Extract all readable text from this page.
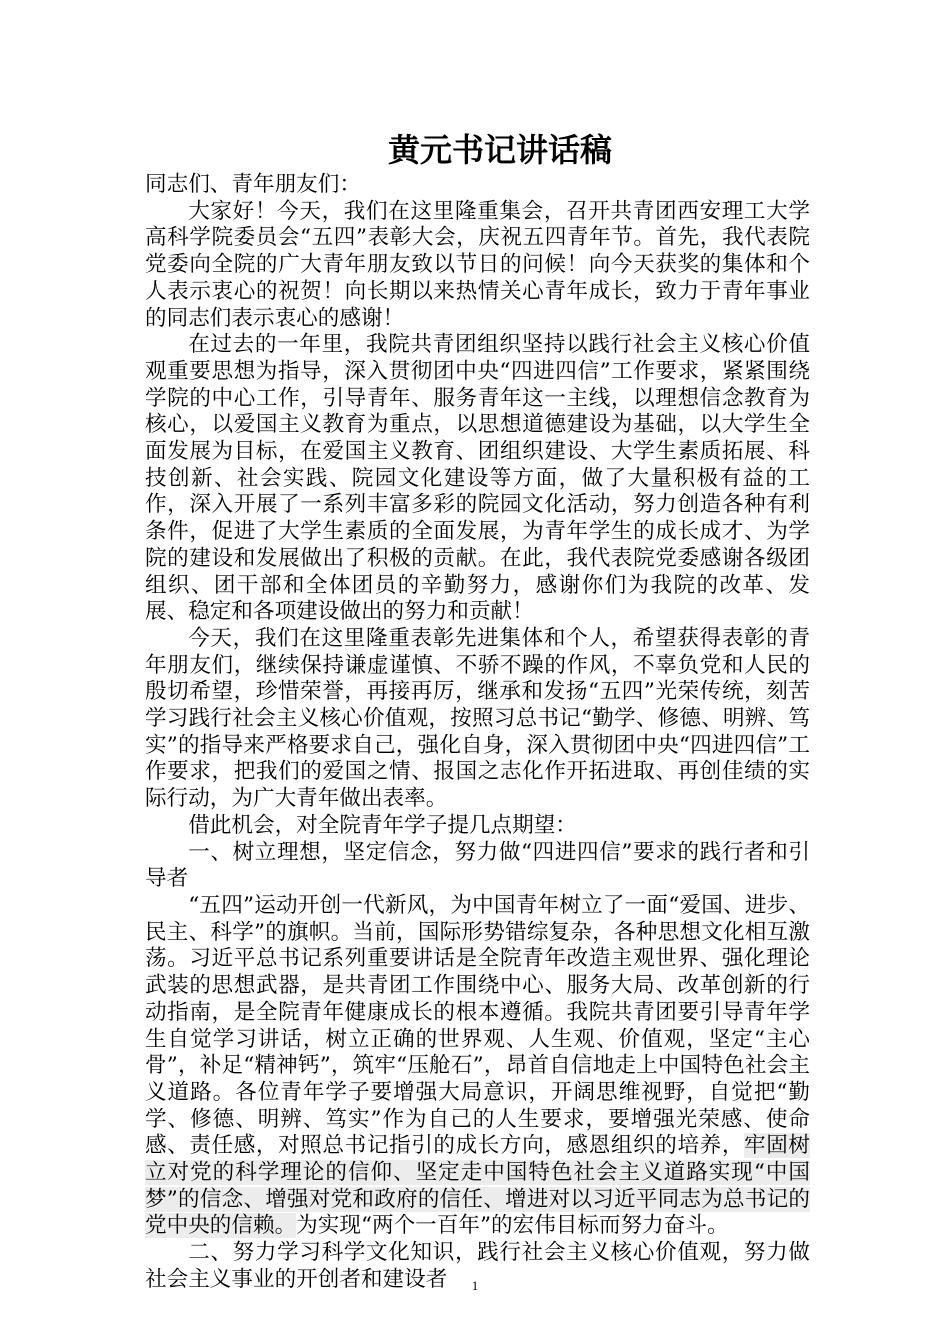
黄元书记讲话稿

同志们、青年朋友们：

大家好！今天，我们在这里隆重集会，召开共青团西安理工大学高科学院委员会“五四”表彰大会，庆祝五四青年节。首先，我代表院党委向全院的广大青年朋友致以节日的问候！向今天获奖的集体和个人表示衷心的祝贺！向长期以来热情关心青年成长，致力于青年事业的同志们表示衷心的感谢！

在过去的一年里，我院共青团组织坚持以践行社会主义核心价值观重要思想为指导，深入贯彻团中央“四进四信”工作要求，紧紧围绕学院的中心工作，引导青年、服务青年这一主线，以理想信念教育为核心，以爱国主义教育为重点，以思想道德建设为基础，以大学生全面发展为目标，在爱国主义教育、团组织建设、大学生素质拓展、科技创新、社会实践、院园文化建设等方面，做了大量积极有益的工作，深入开展了一系列丰富多彩的院园文化活动，努力创造各种有利条件，促进了大学生素质的全面发展，为青年学生的成长成才、为学院的建设和发展做出了积极的贡献。在此，我代表院党委感谢各级团组织、团干部和全体团员的辛勤努力，感谢你们为我院的改革、发展、稳定和各项建设做出的努力和贡献！

今天，我们在这里隆重表彰先进集体和个人，希望获得表彰的青年朋友们，继续保持谦虚谨慎、不骄不躁的作风，不辜负党和人民的殷切希望，珍惜荣誉，再接再厉，继承和发扬“五四”光荣传统，刻苦学习践行社会主义核心价值观，按照习总书记“勤学、修德、明辨、笃实”的指导来严格要求自己，强化自身，深入贯彻团中央“四进四信”工作要求，把我们的爱国之情、报国之志化作开拓进取、再创佳绩的实际行动，为广大青年做出表率。

借此机会，对全院青年学子提几点期望：

一、树立理想，坚定信念，努力做“四进四信”要求的践行者和引导者

“五四”运动开创一代新风，为中国青年树立了一面“爱国、进步、民主、科学”的旗帜。当前，国际形势错综复杂，各种思想文化相互激荡。习近平总书记系列重要讲话是全院青年改造主观世界、强化理论武装的思想武器，是共青团工作围绕中心、服务大局、改革创新的行动指南，是全院青年健康成长的根本遵循。我院共青团要引导青年学生自觉学习讲话，树立正确的世界观、人生观、价值观，坚定“主心骨”，补足“精神钙”，筑牢“压舱石”，昂首自信地走上中国特色社会主义道路。各位青年学子要增强大局意识，开阔思维视野，自觉把“勤学、修德、明辨、笃实”作为自己的人生要求，要增强光荣感、使命感、责任感，对照总书记指引的成长方向，感恩组织的培养，牢固树立对党的科学理论的信仰、坚定走中国特色社会主义道路实现“中国梦”的信念、增强对党和政府的信任、增进对以习近平同志为总书记的党中央的信赖。为实现“两个一百年”的宏伟目标而努力奋斗。

二、努力学习科学文化知识，践行社会主义核心价值观，努力做社会主义事业的开创者和建设者	1
